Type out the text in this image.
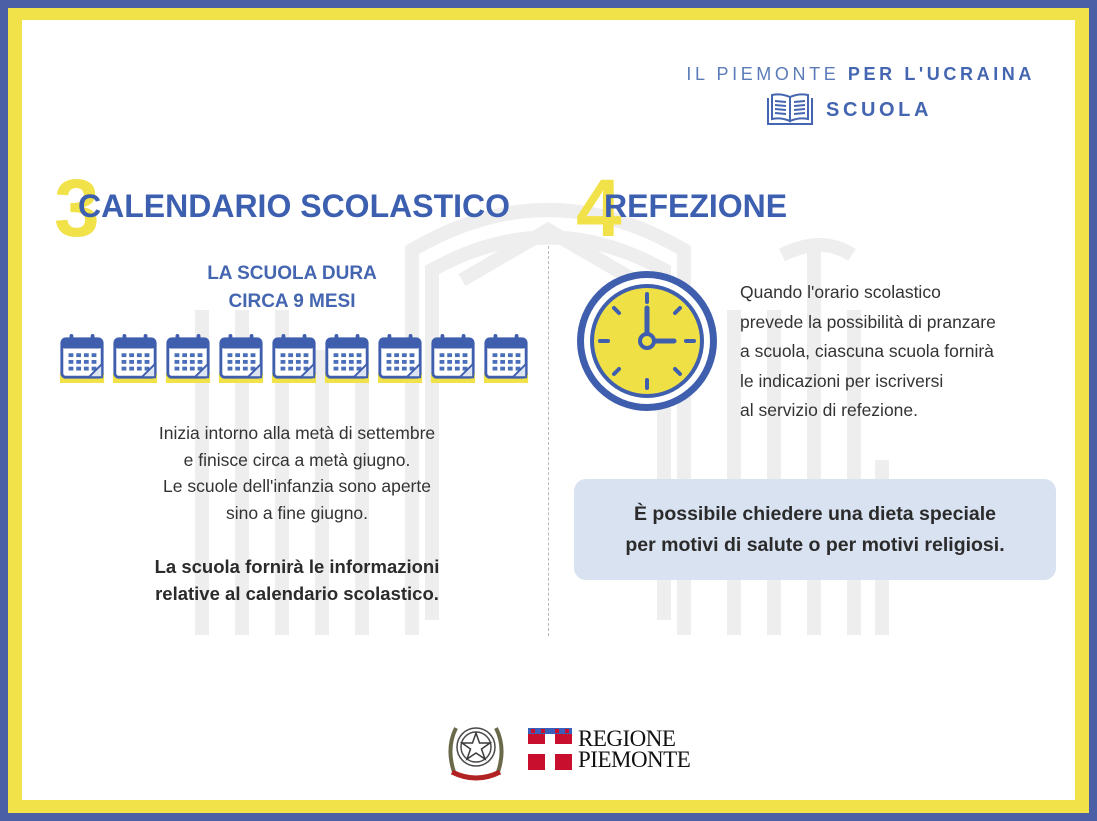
IL PIEMONTE PER L'UCRAINA
SCUOLA
3
CALENDARIO SCOLASTICO
LA SCUOLA DURA
CIRCA 9 MESI
Inizia intorno alla metà di settembre
e finisce circa a metà giugno.
Le scuole dell'infanzia sono aperte
sino a fine giugno.
La scuola fornirà le informazioni
relative al calendario scolastico.
4
REFEZIONE
Quando l'orario scolastico
prevede la possibilità di pranzare
a scuola, ciascuna scuola fornirà
le indicazioni per iscriversi
al servizio di refezione.
È possibile chiedere una dieta speciale
per motivi di salute o per motivi religiosi.
REGIONE
PIEMONTE
